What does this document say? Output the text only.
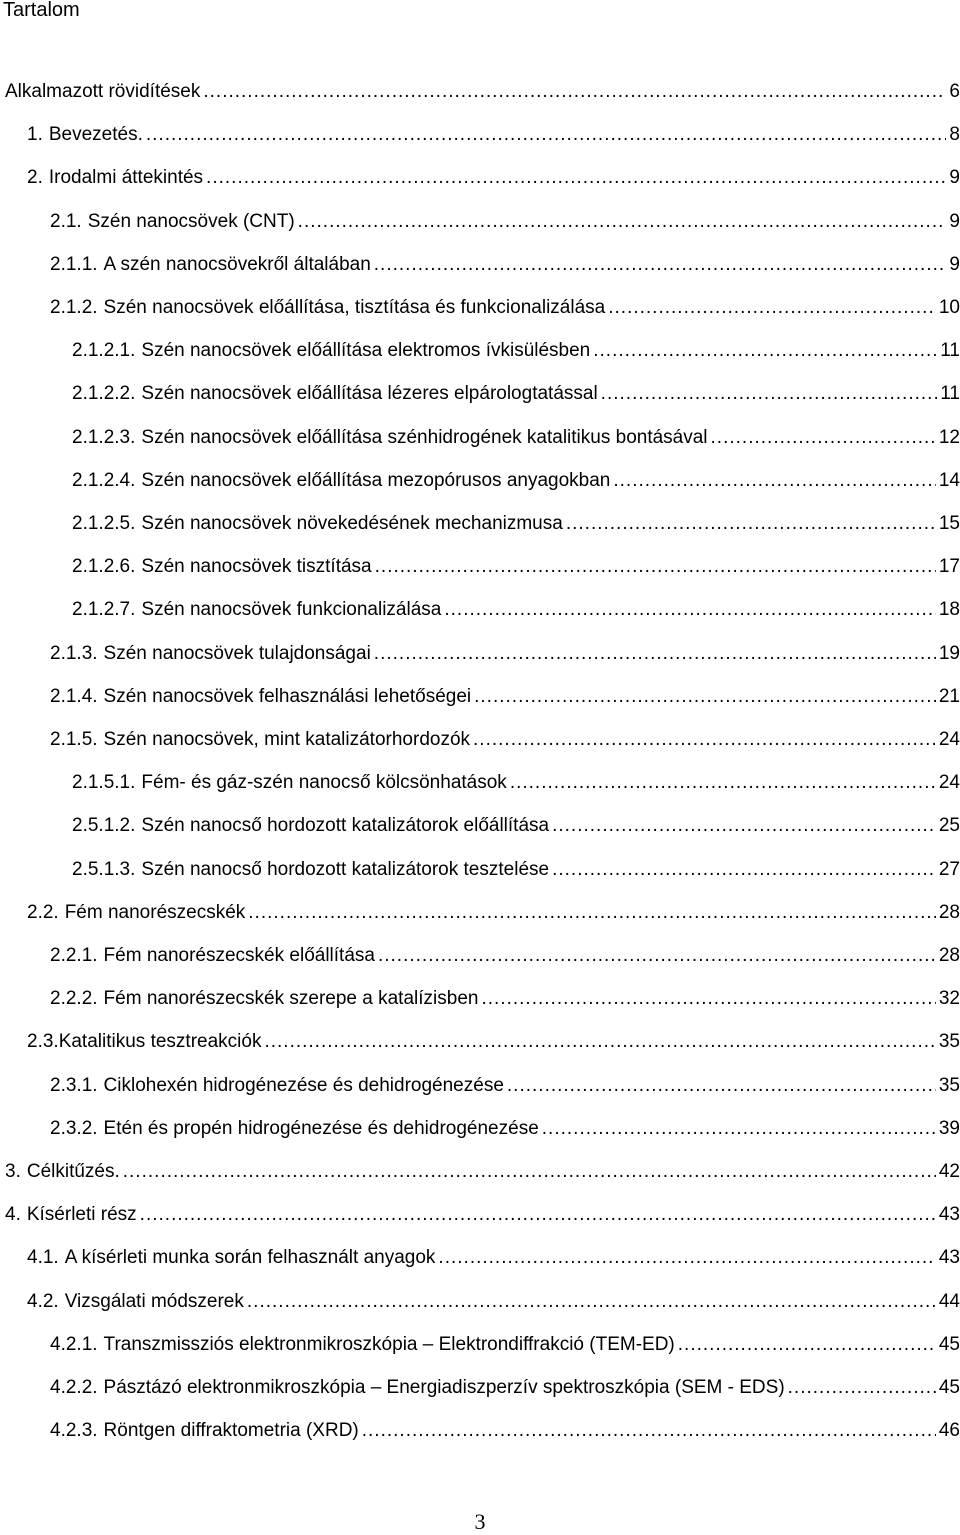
Tartalom
Alkalmazott rövidítések .....	6
1. Bevezetés. .....	8
2. Irodalmi áttekintés .....	9
2.1. Szén nanocsövek (CNT) .....	9
2.1.1. A szén nanocsövekről általában .....	9
2.1.2. Szén nanocsövek előállítása, tisztítása és funkcionalizálása .....	10
2.1.2.1. Szén nanocsövek előállítása elektromos ívkisülésben .....	11
2.1.2.2. Szén nanocsövek előállítása lézeres elpárologtatással .....	11
2.1.2.3. Szén nanocsövek előállítása szénhidrogének katalitikus bontásával .....	12
2.1.2.4. Szén nanocsövek előállítása mezopórusos anyagokban .....	14
2.1.2.5. Szén nanocsövek növekedésének mechanizmusa .....	15
2.1.2.6. Szén nanocsövek tisztítása .....	17
2.1.2.7. Szén nanocsövek funkcionalizálása .....	18
2.1.3. Szén nanocsövek tulajdonságai .....	19
2.1.4. Szén nanocsövek felhasználási lehetőségei .....	21
2.1.5. Szén nanocsövek, mint katalizátorhordozók .....	24
2.1.5.1. Fém- és gáz-szén nanocső kölcsönhatások .....	24
2.5.1.2. Szén nanocső hordozott katalizátorok előállítása .....	25
2.5.1.3. Szén nanocső hordozott katalizátorok tesztelése .....	27
2.2. Fém nanorészecskék .....	28
2.2.1. Fém nanorészecskék előállítása .....	28
2.2.2. Fém nanorészecskék szerepe a katalízisben .....	32
2.3.Katalitikus tesztreakciók .....	35
2.3.1. Ciklohexén hidrogénezése és dehidrogénezése .....	35
2.3.2. Etén és propén hidrogénezése és dehidrogénezése .....	39
3. Célkitűzés. .....	42
4. Kísérleti rész .....	43
4.1. A kísérleti munka során felhasznált anyagok .....	43
4.2. Vizsgálati módszerek .....	44
4.2.1. Transzmissziós elektronmikroszkópia – Elektrondiffrakció (TEM-ED) .....	45
4.2.2. Pásztázó elektronmikroszkópia – Energiadiszperzív spektroszkópia (SEM - EDS) .....	45
4.2.3. Röntgen diffraktometria (XRD) .....	46
3
